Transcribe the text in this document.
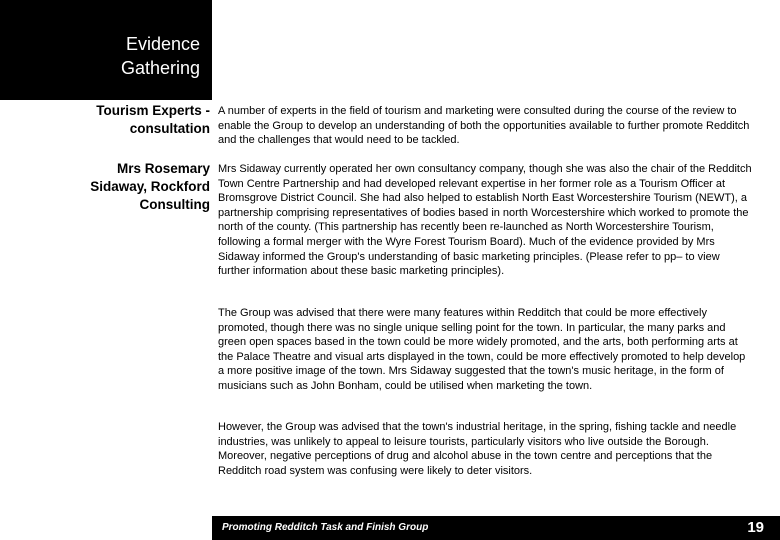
Evidence
Gathering
Tourism Experts -
consultation

A number of experts in the field of tourism and marketing were consulted during the course of the review to enable the Group to develop an understanding of both the opportunities available to further promote Redditch and the challenges that would need to be tackled.

Mrs Rosemary
Sidaway, Rockford
Consulting

Mrs Sidaway currently operated her own consultancy company, though she was also the chair of the Redditch Town Centre Partnership and had developed relevant expertise in her former role as a Tourism Officer at Bromsgrove District Council. She had also helped to establish North East Worcestershire Tourism (NEWT), a partnership comprising representatives of bodies based in north Worcestershire which worked to promote the north of the county. (This partnership has recently been re-launched as North Worcestershire Tourism, following a formal merger with the Wyre Forest Tourism Board). Much of the evidence provided by Mrs Sidaway informed the Group's understanding of basic marketing principles. (Please refer to pp– to view further information about these basic marketing principles).

The Group was advised that there were many features within Redditch that could be more effectively promoted, though there was no single unique selling point for the town. In particular, the many parks and green open spaces based in the town could be more widely promoted, and the arts, both performing arts at the Palace Theatre and visual arts displayed in the town, could be more effectively promoted to help develop a more positive image of the town. Mrs Sidaway suggested that the town's music heritage, in the form of musicians such as John Bonham, could be utilised when marketing the town.

However, the Group was advised that the town's industrial heritage, in the spring, fishing tackle and needle industries, was unlikely to appeal to leisure tourists, particularly visitors who live outside the Borough. Moreover, negative perceptions of drug and alcohol abuse in the town centre and perceptions that the Redditch road system was confusing were likely to deter visitors.

Promoting Redditch Task and Finish Group	19
